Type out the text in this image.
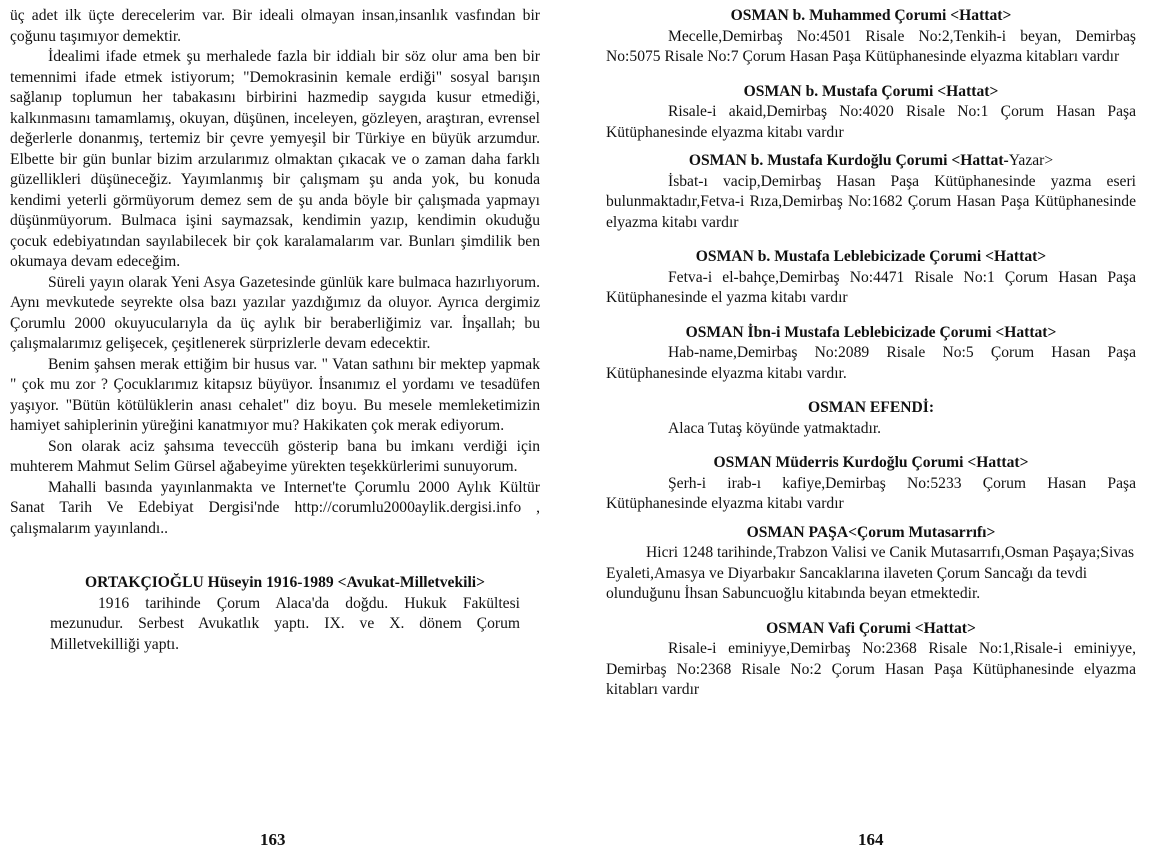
üç adet ilk üçte derecelerim var. Bir ideali olmayan insan,insanlık vasfından bir çoğunu taşımıyor demektir.

İdealimi ifade etmek şu merhalede fazla bir iddialı bir söz olur ama ben bir temennimi ifade etmek istiyorum; "Demokrasinin kemale erdiği" sosyal barışın sağlanıp toplumun her tabakasını birbirini hazmedip saygıda kusur etmediği, kalkınmasını tamamlamış, okuyan, düşünen, inceleyen, gözleyen, araştıran, evrensel değerlerle donanmış, tertemiz bir çevre yemyeşil bir Türkiye en büyük arzumdur. Elbette bir gün bunlar bizim arzularımız olmaktan çıkacak ve o zaman daha farklı güzellikleri düşüneceğiz. Yayımlanmış bir çalışmam şu anda yok, bu konuda kendimi yeterli görmüyorum demez sem de şu anda böyle bir çalışmada yapmayı düşünmüyorum. Bulmaca işini saymazsak, kendimin yazıp, kendimin okuduğu çocuk edebiyatından sayılabilecek bir çok karalamalarım var. Bunları şimdilik ben okumaya devam edeceğim.

Süreli yayın olarak Yeni Asya Gazetesinde günlük kare bulmaca hazırlıyorum. Aynı mevkutede seyrekte olsa bazı yazılar yazdığımız da oluyor. Ayrıca dergimiz Çorumlu 2000 okuyucularıyla da üç aylık bir beraberliğimiz var. İnşallah; bu çalışmalarımız gelişecek, çeşitlenerek sürprizlerle devam edecektir.

Benim şahsen merak ettiğim bir husus var. " Vatan sathını bir mektep yapmak " çok mu zor ? Çocuklarımız kitapsız büyüyor. İnsanımız el yordamı ve tesadüfen yaşıyor. "Bütün kötülüklerin anası cehalet" diz boyu. Bu mesele memleketimizin hamiyet sahiplerinin yüreğini kanatmıyor mu? Hakikaten çok merak ediyorum.

Son olarak aciz şahsıma teveccüh gösterip bana bu imkanı verdiği için muhterem Mahmut Selim Gürsel ağabeyime yürekten teşekkürlerimi sunuyorum.

Mahalli basında yayınlanmakta ve Internet'te Çorumlu 2000 Aylık Kültür Sanat Tarih Ve Edebiyat Dergisi'nde http://corumlu2000aylik.dergisi.info , çalışmalarım yayınlandı..

ORTAKÇIOĞLU Hüseyin 1916-1989 <Avukat-Milletvekili>

1916 tarihinde Çorum Alaca'da doğdu. Hukuk Fakültesi mezunudur. Serbest Avukatlık yaptı. IX. ve X. dönem Çorum Milletvekilliği yaptı.

163

OSMAN b. Muhammed Çorumi <Hattat>

Mecelle,Demirbaş No:4501 Risale No:2,Tenkih-i beyan, Demirbaş No:5075 Risale No:7 Çorum Hasan Paşa Kütüphanesinde elyazma kitabları vardır

OSMAN b. Mustafa Çorumi <Hattat>

Risale-i akaid,Demirbaş No:4020 Risale No:1 Çorum Hasan Paşa Kütüphanesinde elyazma kitabı vardır

OSMAN b. Mustafa Kurdoğlu Çorumi <Hattat-Yazar>

İsbat-ı vacip,Demirbaş Hasan Paşa Kütüphanesinde yazma eseri bulunmaktadır,Fetva-i Rıza,Demirbaş No:1682 Çorum Hasan Paşa Kütüphanesinde elyazma kitabı vardır

OSMAN b. Mustafa Leblebicizade Çorumi <Hattat>

Fetva-i el-bahçe,Demirbaş No:4471 Risale No:1 Çorum Hasan Paşa Kütüphanesinde el yazma kitabı vardır

OSMAN İbn-i Mustafa Leblebicizade Çorumi <Hattat>

Hab-name,Demirbaş No:2089 Risale No:5 Çorum Hasan Paşa Kütüphanesinde elyazma kitabı vardır.

OSMAN EFENDİ:

Alaca Tutaş köyünde yatmaktadır.

OSMAN Müderris Kurdoğlu Çorumi <Hattat>

Şerh-i irab-ı kafiye,Demirbaş No:5233 Çorum Hasan Paşa Kütüphanesinde elyazma kitabı vardır

OSMAN PAŞA<Çorum Mutasarrıfı>

Hicri 1248 tarihinde,Trabzon Valisi ve Canik Mutasarrıfı,Osman Paşaya;Sivas Eyaleti,Amasya ve Diyarbakır Sancaklarına ilaveten Çorum Sancağı da tevdi olunduğunu İhsan Sabuncuoğlu kitabında beyan etmektedir.

OSMAN Vafi Çorumi <Hattat>

Risale-i eminiyye,Demirbaş No:2368 Risale No:1,Risale-i eminiyye, Demirbaş No:2368 Risale No:2 Çorum Hasan Paşa Kütüphanesinde elyazma kitabları vardır

164
